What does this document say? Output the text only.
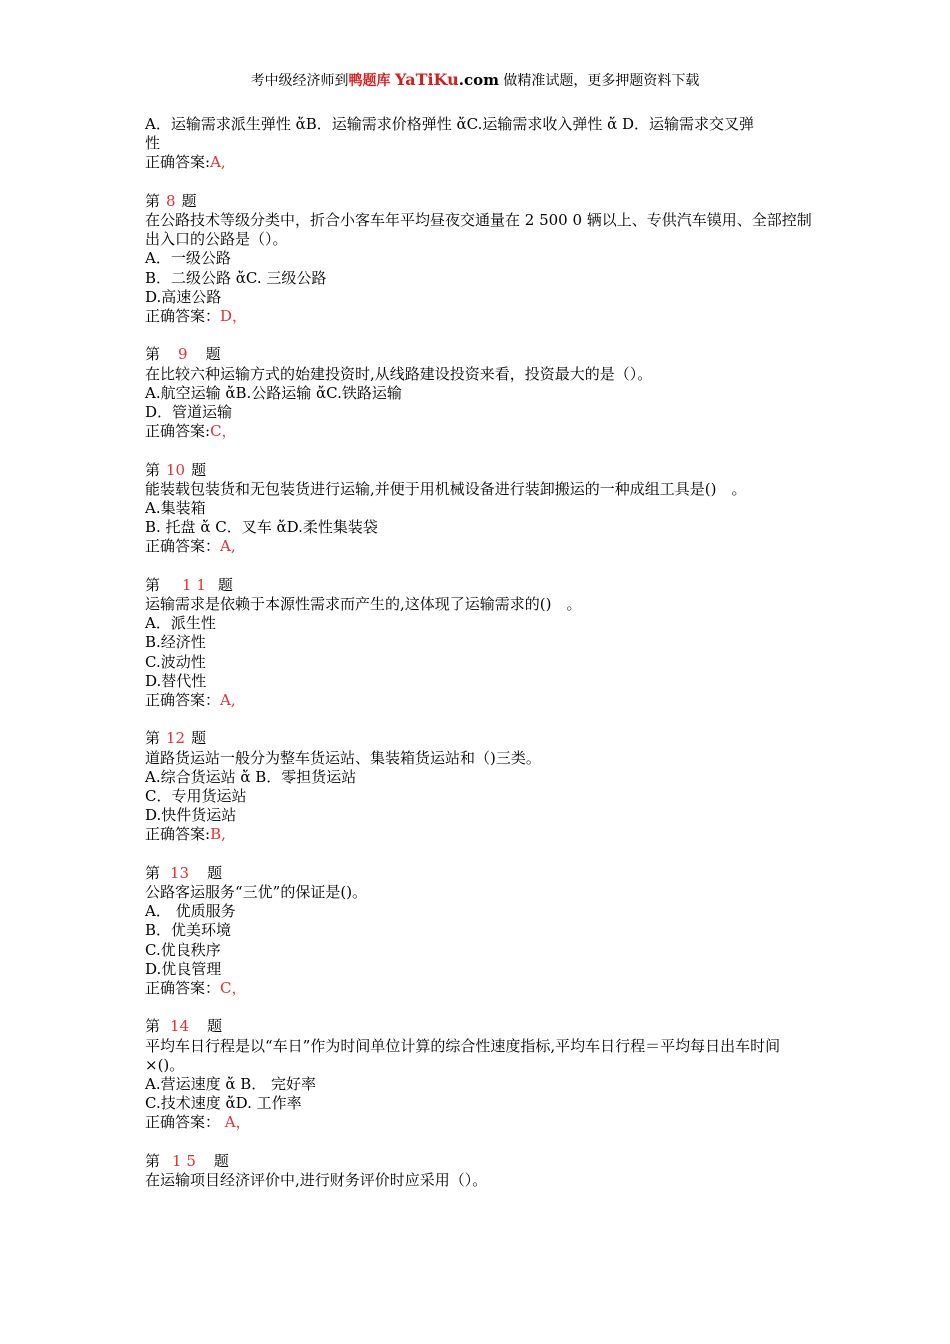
考中级经济师到鸭题库 YaTiKu.com 做精准试题，更多押题资料下载
A．运输需求派生弹性 ἄB．运输需求价格弹性 ἄC.运输需求收入弹性 ἄ D．运输需求交叉弹
性
正确答案:A,
第 8 题
在公路技术等级分类中，折合小客车年平均昼夜交通量在 2 500 0 辆以上、专供汽车镆用、全部控制出入口的公路是（）。
A．一级公路
B．二级公路 ἄC. 三级公路
D.高速公路
正确答案：D，
第 9 题
在比较六种运输方式的始建投资时,从线路建设投资来看，投资最大的是（）。
A.航空运输 ἄB.公路运输 ἄC.铁路运输
D．管道运输
正确答案:C，
第 10 题
能装载包装货和无包装货进行运输,并便于用机械设备进行装卸搬运的一种成组工具是()　。
A.集装箱
B. 托盘 ἄ C．叉车 ἄD.柔性集装袋
正确答案：A,
第 1 1 题
运输需求是依赖于本源性需求而产生的,这体现了运输需求的()　。
A．派生性
B.经济性
C.波动性
D.替代性
正确答案：A,
第 12 题
道路货运站一般分为整车货运站、集装箱货运站和（)三类。
A.综合货运站 ἄ B．零担货运站
C．专用货运站
D.快件货运站
正确答案:B,
第 13 题
公路客运服务“三优”的保证是()。
A． 优质服务
B．优美环境
C.优良秩序
D.优良管理
正确答案：C，
第 14 题
平均车日行程是以“车日”作为时间单位计算的综合性速度指标,平均车日行程＝平均每日出车时间×()。
A.营运速度 ἄ B． 完好率
C.技术速度 ἄD. 工作率
正确答案： A，
第 1 5 题
在运输项目经济评价中,进行财务评价时应采用（）。
